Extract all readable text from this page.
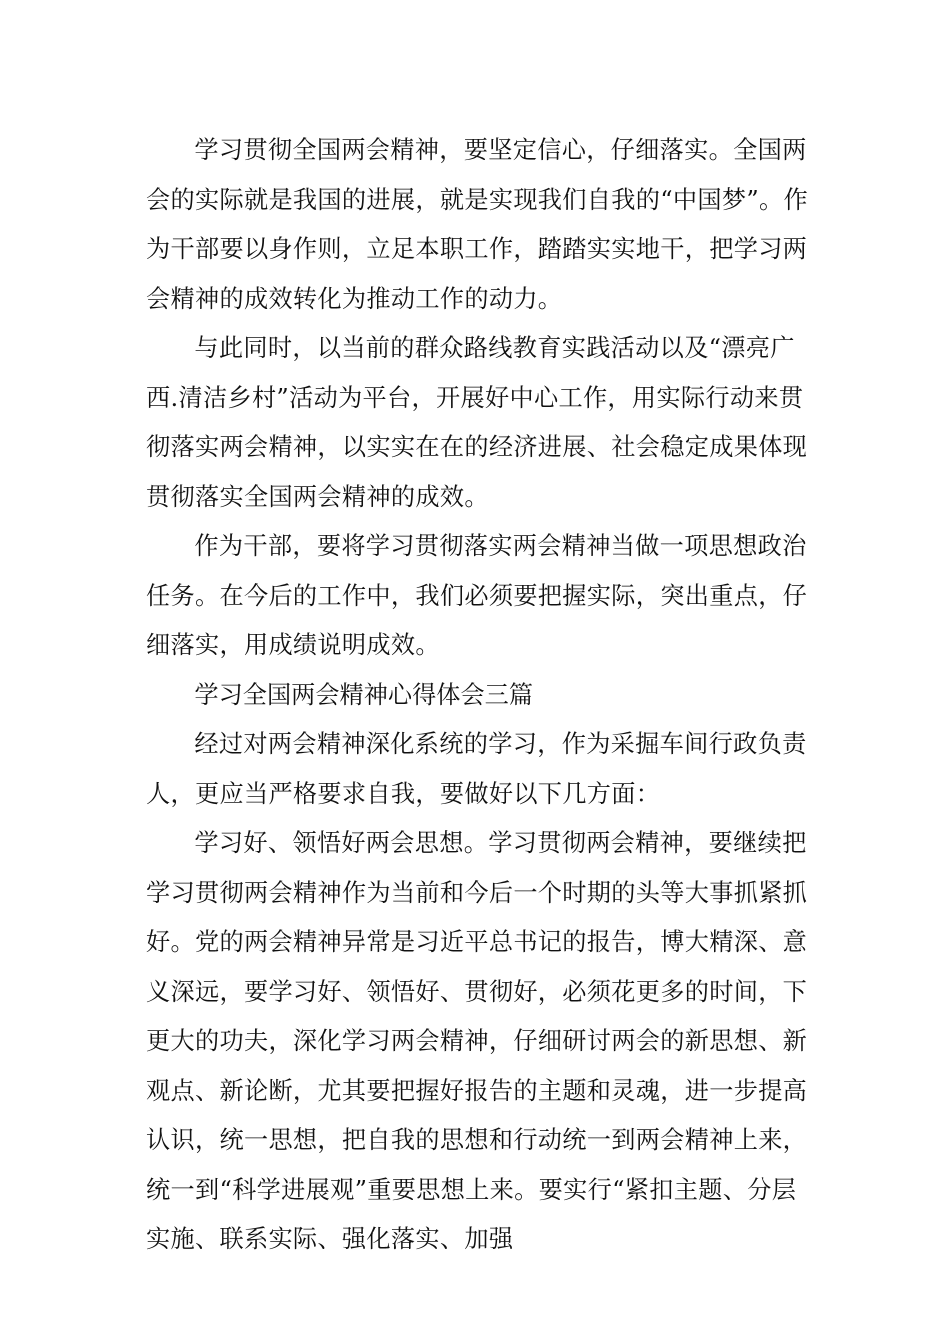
学习贯彻全国两会精神，要坚定信心，仔细落实。全国两会的实际就是我国的进展，就是实现我们自我的“中国梦”。作为干部要以身作则，立足本职工作，踏踏实实地干，把学习两会精神的成效转化为推动工作的动力。

与此同时，以当前的群众路线教育实践活动以及“漂亮广西.清洁乡村”活动为平台，开展好中心工作，用实际行动来贯彻落实两会精神，以实实在在的经济进展、社会稳定成果体现贯彻落实全国两会精神的成效。

作为干部，要将学习贯彻落实两会精神当做一项思想政治任务。在今后的工作中，我们必须要把握实际，突出重点，仔细落实，用成绩说明成效。

学习全国两会精神心得体会三篇

经过对两会精神深化系统的学习，作为采掘车间行政负责人，更应当严格要求自我，要做好以下几方面：

学习好、领悟好两会思想。学习贯彻两会精神，要继续把学习贯彻两会精神作为当前和今后一个时期的头等大事抓紧抓好。党的两会精神异常是习近平总书记的报告，博大精深、意义深远，要学习好、领悟好、贯彻好，必须花更多的时间，下更大的功夫，深化学习两会精神，仔细研讨两会的新思想、新观点、新论断，尤其要把握好报告的主题和灵魂，进一步提高认识，统一思想，把自我的思想和行动统一到两会精神上来，统一到“科学进展观”重要思想上来。要实行“紧扣主题、分层实施、联系实际、强化落实、加强
